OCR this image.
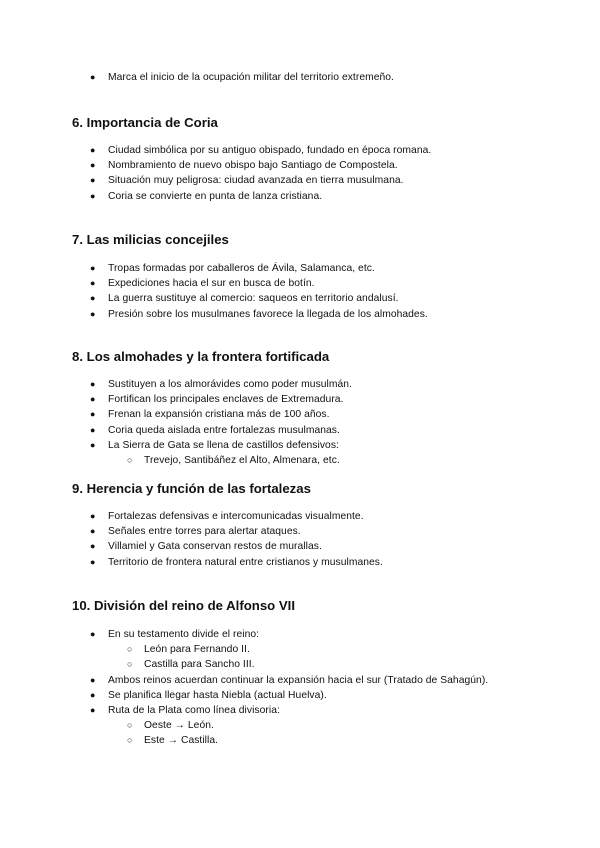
● Marca el inicio de la ocupación militar del territorio extremeño.
6. Importancia de Coria
● Ciudad simbólica por su antiguo obispado, fundado en época romana.
● Nombramiento de nuevo obispo bajo Santiago de Compostela.
● Situación muy peligrosa: ciudad avanzada en tierra musulmana.
● Coria se convierte en punta de lanza cristiana.
7. Las milicias concejiles
● Tropas formadas por caballeros de Ávila, Salamanca, etc.
● Expediciones hacia el sur en busca de botín.
● La guerra sustituye al comercio: saqueos en territorio andalusí.
● Presión sobre los musulmanes favorece la llegada de los almohades.
8. Los almohades y la frontera fortificada
● Sustituyen a los almorávides como poder musulmán.
● Fortifican los principales enclaves de Extremadura.
● Frenan la expansión cristiana más de 100 años.
● Coria queda aislada entre fortalezas musulmanas.
● La Sierra de Gata se llena de castillos defensivos:
○ Trevejo, Santibáñez el Alto, Almenara, etc.
9. Herencia y función de las fortalezas
● Fortalezas defensivas e intercomunicadas visualmente.
● Señales entre torres para alertar ataques.
● Villamiel y Gata conservan restos de murallas.
● Territorio de frontera natural entre cristianos y musulmanes.
10. División del reino de Alfonso VII
● En su testamento divide el reino:
○ León para Fernando II.
○ Castilla para Sancho III.
● Ambos reinos acuerdan continuar la expansión hacia el sur (Tratado de Sahagún).
● Se planifica llegar hasta Niebla (actual Huelva).
● Ruta de la Plata como línea divisoria:
○ Oeste → León.
○ Este → Castilla.
